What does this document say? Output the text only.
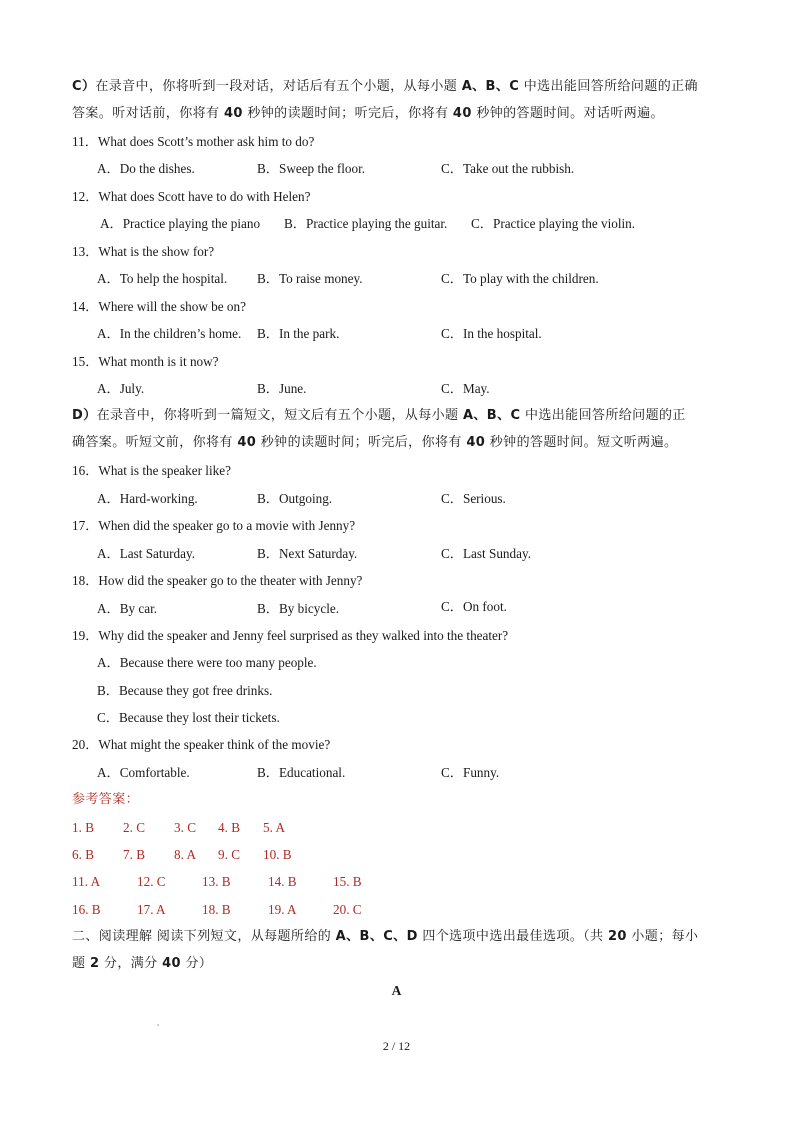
C）在录音中，你将听到一段对话，对话后有五个小题，从每小题 A、B、C 中选出能回答所给问题的正确
答案。听对话前，你将有 40 秒钟的读题时间；听完后，你将有 40 秒钟的答题时间。对话听两遍。
11．What does Scott’s mother ask him to do?
A．Do the dishes.	B．Sweep the floor.	C．Take out the rubbish.
12．What does Scott have to do with Helen?
A．Practice playing the piano B．Practice playing the guitar. C．Practice playing the violin.
13．What is the show for?
A．To help the hospital. B．To raise money.	C．To play with the children.
14．Where will the show be on?
A．In the children’s home. B．In the park.	C．In the hospital.
15．What month is it now?
A．July.	B．June.	C．May.
D）在录音中，你将听到一篇短文，短文后有五个小题，从每小题 A、B、C 中选出能回答所给问题的正
确答案。听短文前，你将有 40 秒钟的读题时间；听完后，你将有 40 秒钟的答题时间。短文听两遍。
16．What is the speaker like?
A．Hard-working.	B．Outgoing.	C．Serious.
17．When did the speaker go to a movie with Jenny?
A．Last Saturday.	B．Next Saturday.	C．Last Sunday.
18．How did the speaker go to the theater with Jenny?
A．By car.	B．By bicycle.	C．On foot.
19．Why did the speaker and Jenny feel surprised as they walked into the theater?
A．Because there were too many people.
B．Because they got free drinks.
C．Because they lost their tickets.
20．What might the speaker think of the movie?
A．Comfortable.	B．Educational.	C．Funny.
参考答案：
1. B 2. C 3. C 4. B 5. A
6. B 7. B 8. A 9. C 10. B
11. A	12. C	13. B	14. B	15. B
16. B	17. A	18. B	19. A	20. C
二、阅读理解 阅读下列短文，从每题所给的 A、B、C、D 四个选项中选出最佳选项。（共 20 小题；每小
题 2 分，满分 40 分）
A
2 / 12
